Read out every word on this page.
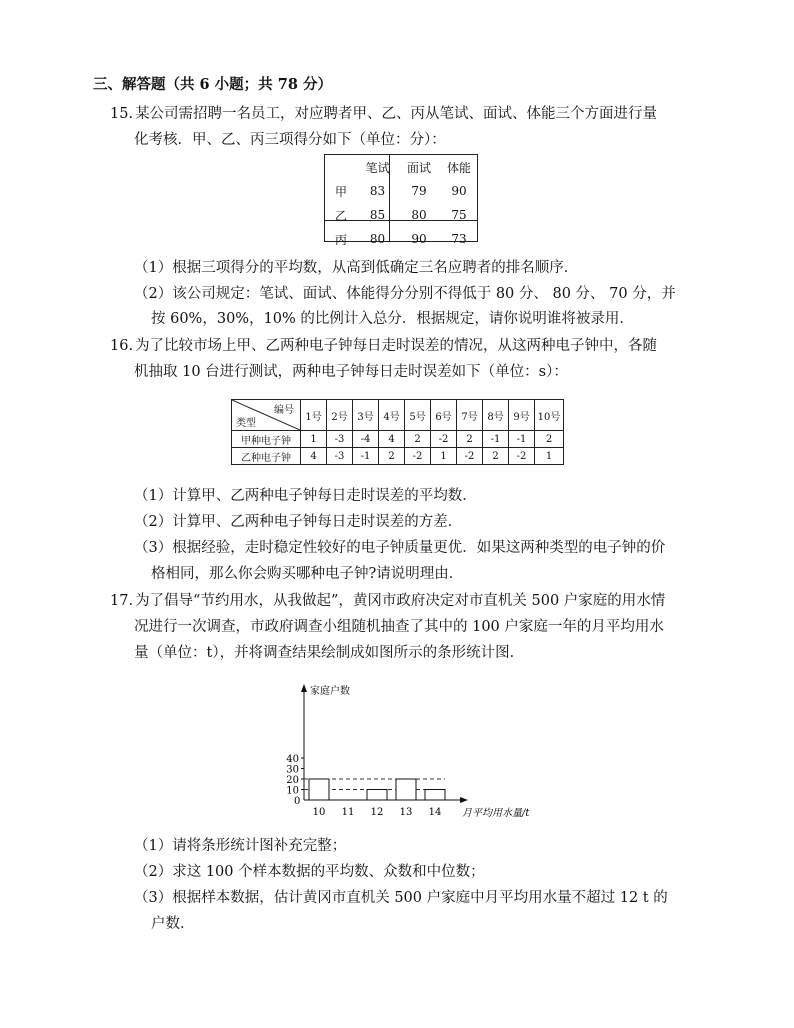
三、解答题（共 6 小题；共 78 分）
15. 某公司需招聘一名员工，对应聘者甲、乙、丙从笔试、面试、体能三个方面进行量
化考核．甲、乙、丙三项得分如下（单位：分）：
	笔试	面试	体能
甲	83	79	90
乙	85	80	75
丙	80	90	73
（1）根据三项得分的平均数，从高到低确定三名应聘者的排名顺序．
（2）该公司规定：笔试、面试、体能得分分别不得低于 80 分、 80 分、 70 分，并
按 60%，30%，10% 的比例计入总分．根据规定，请你说明谁将被录用．
16. 为了比较市场上甲、乙两种电子钟每日走时误差的情况，从这两种电子钟中，各随
机抽取 10 台进行测试，两种电子钟每日走时误差如下（单位：s）：
编号
类型	1号	2号	3号	4号	5号	6号	7号	8号	9号	10号
甲种电子钟	1	-3	-4	4	2	-2	2	-1	-1	2
乙种电子钟	4	-3	-1	2	-2	1	-2	2	-2	1
（1）计算甲、乙两种电子钟每日走时误差的平均数．
（2）计算甲、乙两种电子钟每日走时误差的方差．
（3）根据经验，走时稳定性较好的电子钟质量更优．如果这两种类型的电子钟的价
格相同，那么你会购买哪种电子钟?请说明理由．
17. 为了倡导“节约用水，从我做起”，黄冈市政府决定对市直机关 500 户家庭的用水情
况进行一次调查，市政府调查小组随机抽查了其中的 100 户家庭一年的月平均用水
量（单位：t），并将调查结果绘制成如图所示的条形统计图．
家庭户数
月平均用水量/t
0
10
20
30
40
10 11 12 13 14
（1）请将条形统计图补充完整；
（2）求这 100 个样本数据的平均数、众数和中位数；
（3）根据样本数据，估计黄冈市直机关 500 户家庭中月平均用水量不超过 12 t 的
户数．
